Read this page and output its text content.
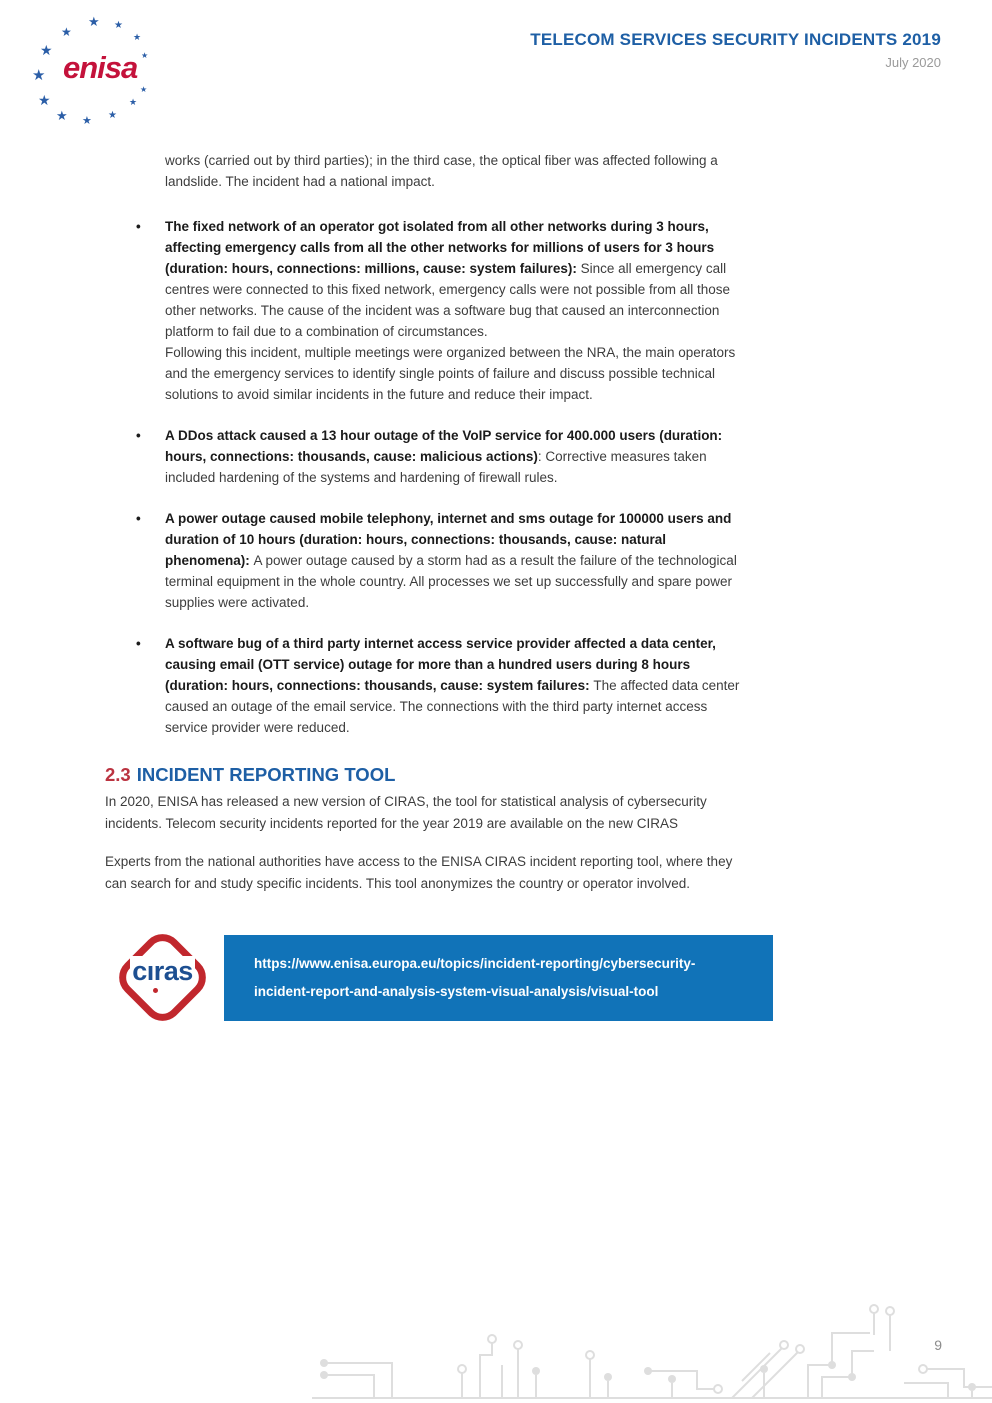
★
★
★
★
★
★
★
★
★
★
★
★
★
enisa
TELECOM SERVICES SECURITY INCIDENTS 2019
July 2020

works (carried out by third parties); in the third case, the optical fiber was affected following a landslide. The incident had a national impact.

• The fixed network of an operator got isolated from all other networks during 3 hours, affecting emergency calls from all the other networks for millions of users for 3 hours (duration: hours, connections: millions, cause: system failures): Since all emergency call centres were connected to this fixed network, emergency calls were not possible from all those other networks. The cause of the incident was a software bug that caused an interconnection platform to fail due to a combination of circumstances.
Following this incident, multiple meetings were organized between the NRA, the main operators and the emergency services to identify single points of failure and discuss possible technical solutions to avoid similar incidents in the future and reduce their impact.
• A DDos attack caused a 13 hour outage of the VoIP service for 400.000 users (duration: hours, connections: thousands, cause: malicious actions): Corrective measures taken included hardening of the systems and hardening of firewall rules.
• A power outage caused mobile telephony, internet and sms outage for 100000 users and duration of 10 hours (duration: hours, connections: thousands, cause: natural phenomena): A power outage caused by a storm had as a result the failure of the technological terminal equipment in the whole country. All processes we set up successfully and spare power supplies were activated.
• A software bug of a third party internet access service provider affected a data center, causing email (OTT service) outage for more than a hundred users during 8 hours (duration: hours, connections: thousands, cause: system failures: The affected data center caused an outage of the email service. The connections with the third party internet access service provider were reduced.
2.3 INCIDENT REPORTING TOOL

In 2020, ENISA has released a new version of CIRAS, the tool for statistical analysis of cybersecurity incidents. Telecom security incidents reported for the year 2019 are available on the new CIRAS

Experts from the national authorities have access to the ENISA CIRAS incident reporting tool, where they can search for and study specific incidents. This tool anonymizes the country or operator involved.

cıras	https://www.enisa.europa.eu/topics/incident-reporting/cybersecurity-
incident-report-and-analysis-system-visual-analysis/visual-tool
9
